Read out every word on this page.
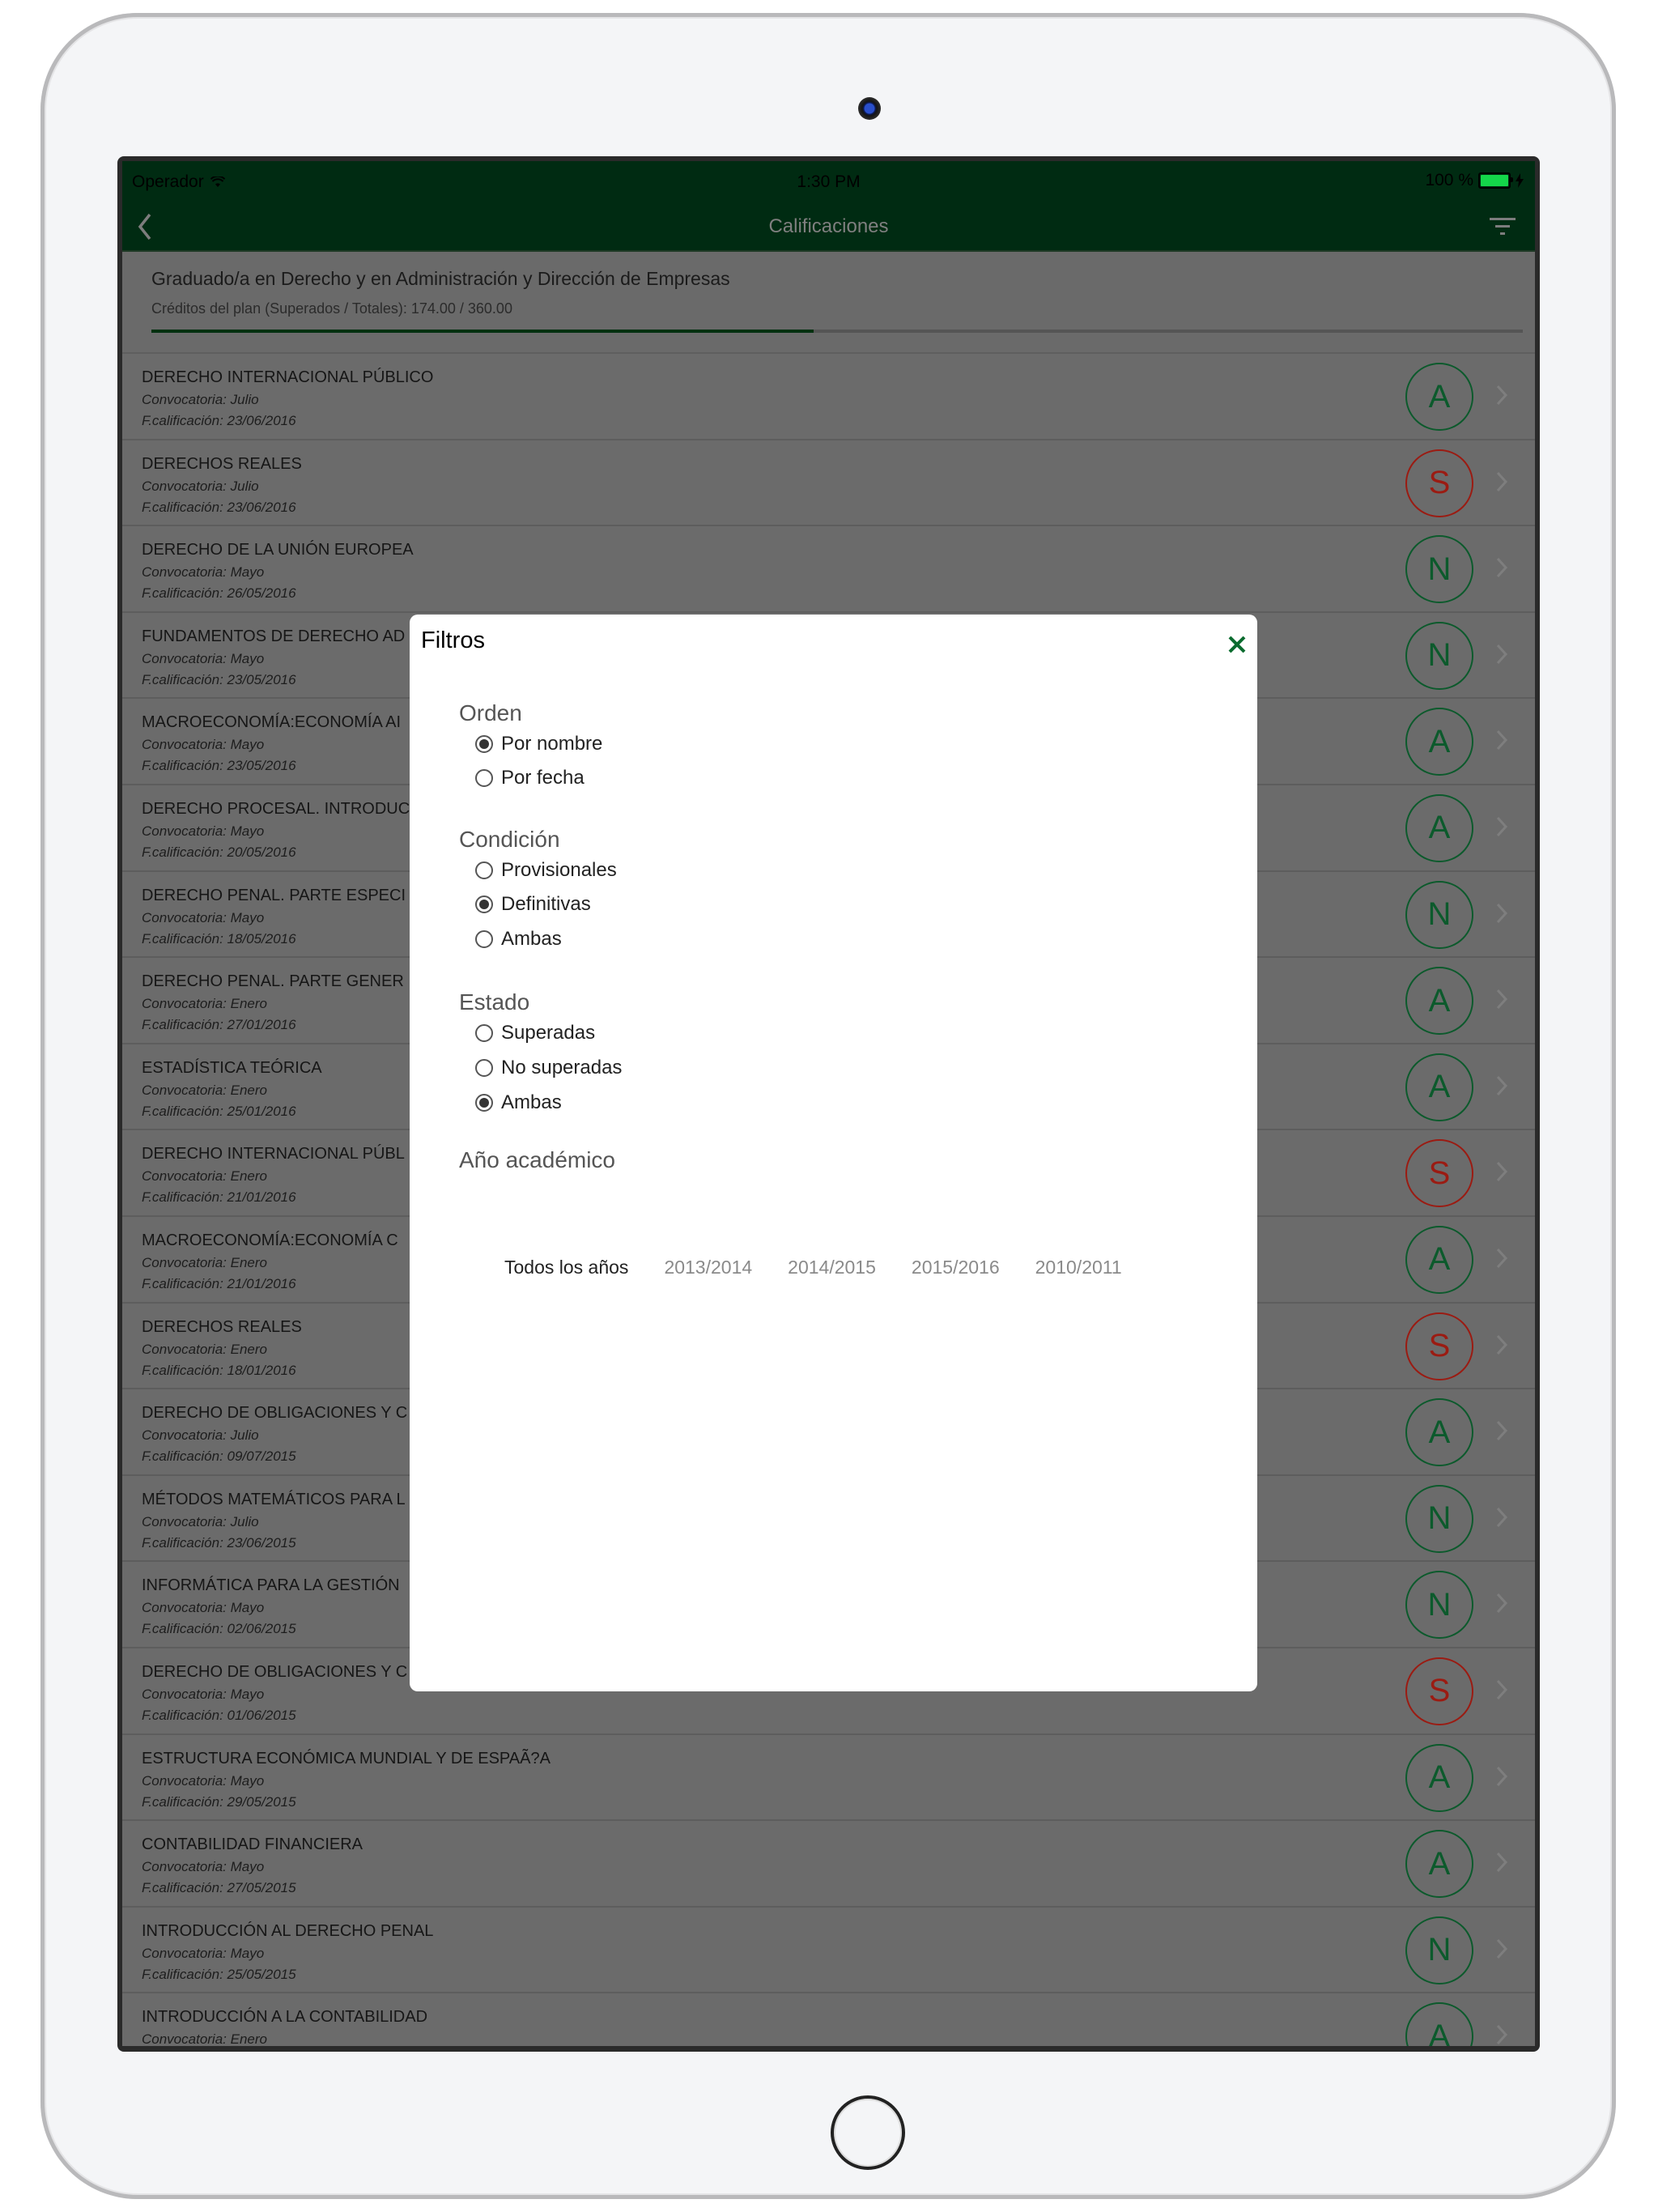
Operador	1:30 PM	100 %
Calificaciones
Graduado/a en Derecho y en Administración y Dirección de Empresas
Créditos del plan (Superados / Totales): 174.00 / 360.00
DERECHO INTERNACIONAL PÚBLICO
Convocatoria: Julio
F.calificación: 23/06/2016
A
DERECHOS REALES
Convocatoria: Julio
F.calificación: 23/06/2016
S
DERECHO DE LA UNIÓN EUROPEA
Convocatoria: Mayo
F.calificación: 26/05/2016
N
FUNDAMENTOS DE DERECHO AD
Convocatoria: Mayo
F.calificación: 23/05/2016
N
MACROECONOMÍA:ECONOMÍA AI
Convocatoria: Mayo
F.calificación: 23/05/2016
A
DERECHO PROCESAL. INTRODUC
Convocatoria: Mayo
F.calificación: 20/05/2016
A
DERECHO PENAL. PARTE ESPECI
Convocatoria: Mayo
F.calificación: 18/05/2016
N
DERECHO PENAL. PARTE GENER
Convocatoria: Enero
F.calificación: 27/01/2016
A
ESTADÍSTICA TEÓRICA
Convocatoria: Enero
F.calificación: 25/01/2016
A
DERECHO INTERNACIONAL PÚBL
Convocatoria: Enero
F.calificación: 21/01/2016
S
MACROECONOMÍA:ECONOMÍA C
Convocatoria: Enero
F.calificación: 21/01/2016
A
DERECHOS REALES
Convocatoria: Enero
F.calificación: 18/01/2016
S
DERECHO DE OBLIGACIONES Y C
Convocatoria: Julio
F.calificación: 09/07/2015
A
MÉTODOS MATEMÁTICOS PARA L
Convocatoria: Julio
F.calificación: 23/06/2015
N
INFORMÁTICA PARA LA GESTIÓN
Convocatoria: Mayo
F.calificación: 02/06/2015
N
DERECHO DE OBLIGACIONES Y C
Convocatoria: Mayo
F.calificación: 01/06/2015
S
ESTRUCTURA ECONÓMICA MUNDIAL Y DE ESPAÃ?A
Convocatoria: Mayo
F.calificación: 29/05/2015
A
CONTABILIDAD FINANCIERA
Convocatoria: Mayo
F.calificación: 27/05/2015
A
INTRODUCCIÓN AL DERECHO PENAL
Convocatoria: Mayo
F.calificación: 25/05/2015
N
INTRODUCCIÓN A LA CONTABILIDAD
Convocatoria: Enero	A
Filtros
Orden
Por nombre
Por fecha
Condición
Provisionales
Definitivas
Ambas
Estado
Superadas
No superadas
Ambas
Año académico
Todos los años 2013/2014 2014/2015 2015/2016 2010/2011
